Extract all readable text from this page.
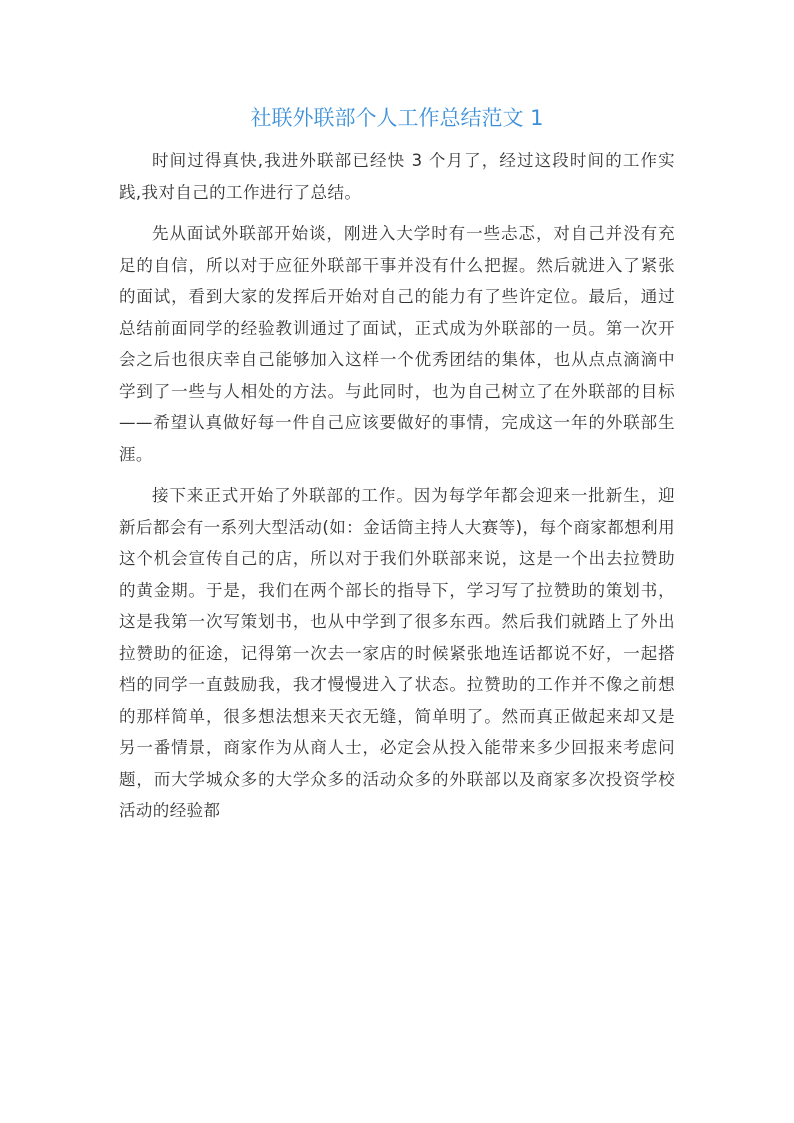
社联外联部个人工作总结范文 1

时间过得真快,我进外联部已经快 3 个月了，经过这段时间的工作实践,我对自己的工作进行了总结。

先从面试外联部开始谈，刚进入大学时有一些忐忑，对自己并没有充足的自信，所以对于应征外联部干事并没有什么把握。然后就进入了紧张的面试，看到大家的发挥后开始对自己的能力有了些许定位。最后，通过总结前面同学的经验教训通过了面试，正式成为外联部的一员。第一次开会之后也很庆幸自己能够加入这样一个优秀团结的集体，也从点点滴滴中学到了一些与人相处的方法。与此同时，也为自己树立了在外联部的目标——希望认真做好每一件自己应该要做好的事情，完成这一年的外联部生涯。

接下来正式开始了外联部的工作。因为每学年都会迎来一批新生，迎新后都会有一系列大型活动(如：金话筒主持人大赛等)，每个商家都想利用这个机会宣传自己的店，所以对于我们外联部来说，这是一个出去拉赞助的黄金期。于是，我们在两个部长的指导下，学习写了拉赞助的策划书，这是我第一次写策划书，也从中学到了很多东西。然后我们就踏上了外出拉赞助的征途，记得第一次去一家店的时候紧张地连话都说不好，一起搭档的同学一直鼓励我，我才慢慢进入了状态。拉赞助的工作并不像之前想的那样简单，很多想法想来天衣无缝，简单明了。然而真正做起来却又是另一番情景，商家作为从商人士，必定会从投入能带来多少回报来考虑问题，而大学城众多的大学众多的活动众多的外联部以及商家多次投资学校活动的经验都
